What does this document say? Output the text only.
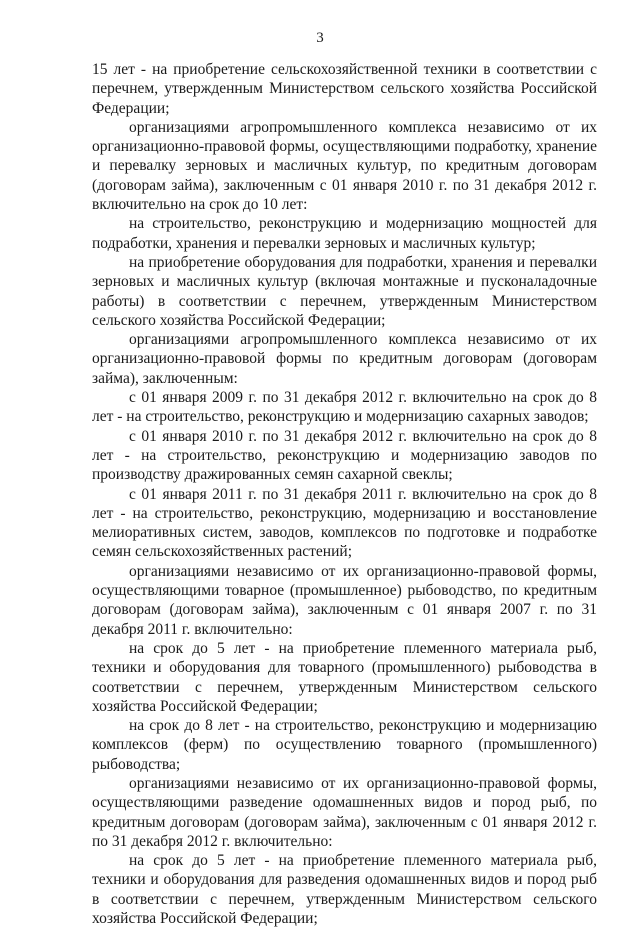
3

15 лет - на приобретение сельскохозяйственной техники в соответствии с перечнем, утвержденным Министерством сельского хозяйства Российской Федерации;

организациями агропромышленного комплекса независимо от их организационно-правовой формы, осуществляющими подработку, хранение и перевалку зерновых и масличных культур, по кредитным договорам (договорам займа), заключенным с 01 января 2010 г. по 31 декабря 2012 г. включительно на срок до 10 лет:

на строительство, реконструкцию и модернизацию мощностей для подработки, хранения и перевалки зерновых и масличных культур;

на приобретение оборудования для подработки, хранения и перевалки зерновых и масличных культур (включая монтажные и пусконаладочные работы) в соответствии с перечнем, утвержденным Министерством сельского хозяйства Российской Федерации;

организациями агропромышленного комплекса независимо от их организационно-правовой формы по кредитным договорам (договорам займа), заключенным:

с 01 января 2009 г. по 31 декабря 2012 г. включительно на срок до 8 лет - на строительство, реконструкцию и модернизацию сахарных заводов;

с 01 января 2010 г. по 31 декабря 2012 г. включительно на срок до 8 лет - на строительство, реконструкцию и модернизацию заводов по производству дражированных семян сахарной свеклы;

с 01 января 2011 г. по 31 декабря 2011 г. включительно на срок до 8 лет - на строительство, реконструкцию, модернизацию и восстановление мелиоративных систем, заводов, комплексов по подготовке и подработке семян сельскохозяйственных растений;

организациями независимо от их организационно-правовой формы, осуществляющими товарное (промышленное) рыбоводство, по кредитным договорам (договорам займа), заключенным с 01 января 2007 г. по 31 декабря 2011 г. включительно:

на срок до 5 лет - на приобретение племенного материала рыб, техники и оборудования для товарного (промышленного) рыбоводства в соответствии с перечнем, утвержденным Министерством сельского хозяйства Российской Федерации;

на срок до 8 лет - на строительство, реконструкцию и модернизацию комплексов (ферм) по осуществлению товарного (промышленного) рыбоводства;

организациями независимо от их организационно-правовой формы, осуществляющими разведение одомашненных видов и пород рыб, по кредитным договорам (договорам займа), заключенным с 01 января 2012 г. по 31 декабря 2012 г. включительно:

на срок до 5 лет - на приобретение племенного материала рыб, техники и оборудования для разведения одомашненных видов и пород рыб в соответствии с перечнем, утвержденным Министерством сельского хозяйства Российской Федерации;
